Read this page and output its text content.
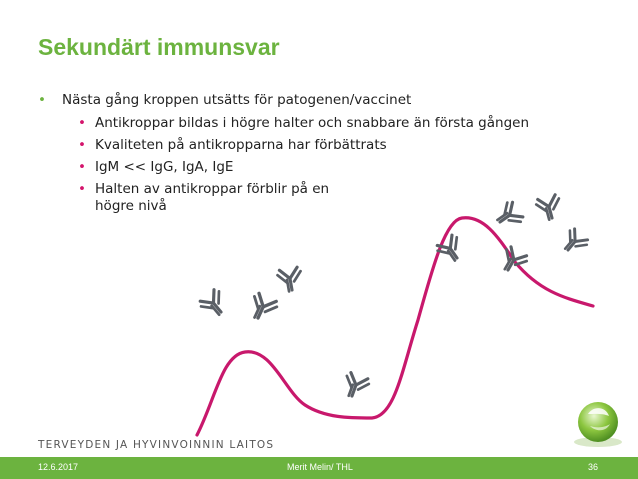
Sekundärt immunsvar
• Nästa gång kroppen utsätts för patogenen/vaccinet
• Antikroppar bildas i högre halter och snabbare än första gången
• Kvaliteten på antikropparna har förbättrats
• IgM << IgG, IgA, IgE
• Halten av antikroppar förblir på en högre nivå
TERVEYDEN JA HYVINVOINNIN LAITOS
12.6.2017	Merit Melin/ THL	36
